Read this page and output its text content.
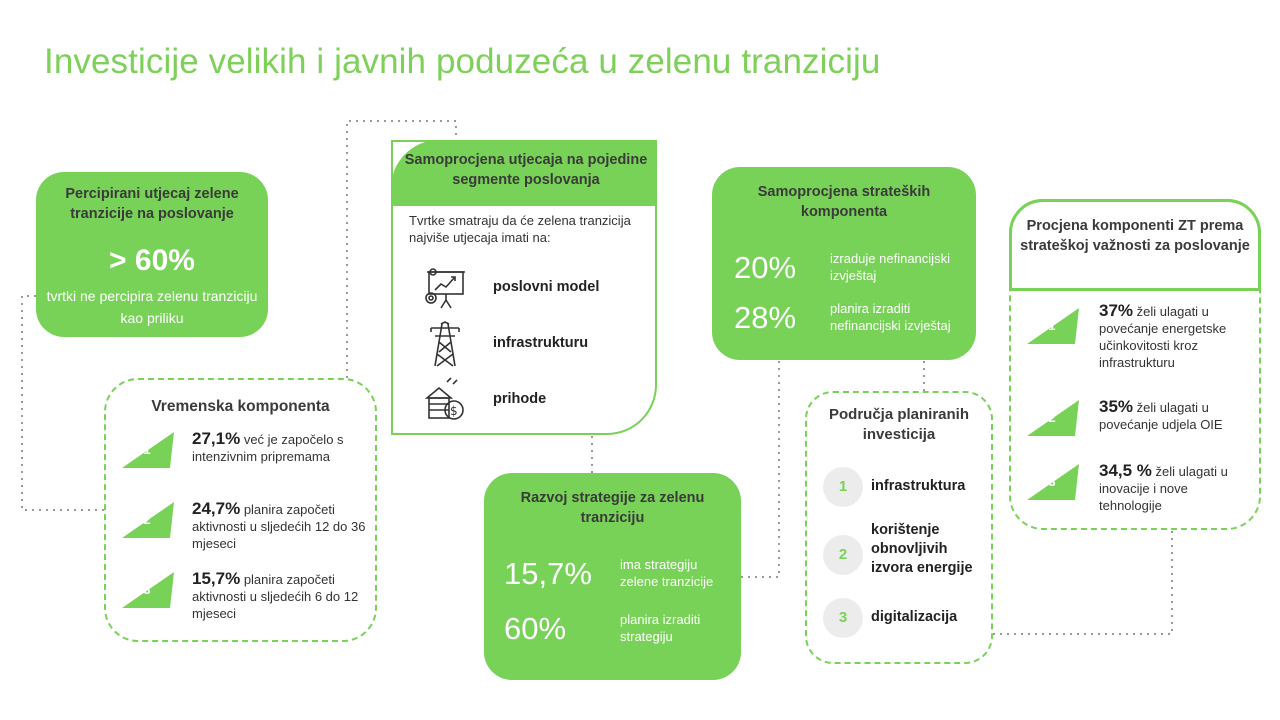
Investicije velikih i javnih poduzeća u zelenu tranziciju
Percipirani utjecaj zelene tranzicije na poslovanje
> 60%
tvrtki ne percipira zelenu tranziciju kao priliku
Vremenska komponenta
1
27,1% već je započelo s intenzivnim pripremama
2
24,7% planira započeti aktivnosti u sljedećih 12 do 36 mjeseci
3
15,7% planira započeti aktivnosti u sljedećih 6 do 12 mjeseci
Samoprocjena utjecaja na pojedine segmente poslovanja
Tvrtke smatraju da će zelena tranzicija najviše utjecaja imati na:
poslovni model
infrastrukturu
$
prihode
Razvoj strategije za zelenu tranziciju
15,7% ima strategiju zelene tranzicije
60%	planira izraditi strategiju
Samoprocjena strateških komponenta
20%	izraduje nefinancijski izvještaj
28%	planira izraditi nefinancijski izvještaj
Područja planiranih investicija
1	infrastruktura
2
korištenje obnovljivih izvora energije
3	digitalizacija
Procjena komponenti ZT prema strateškoj važnosti za poslovanje
1
37% želi ulagati u povećanje energetske učinkovitosti kroz infrastrukturu
2
35% želi ulagati u povećanje udjela OIE
3
34,5 % želi ulagati u inovacije i nove tehnologije
